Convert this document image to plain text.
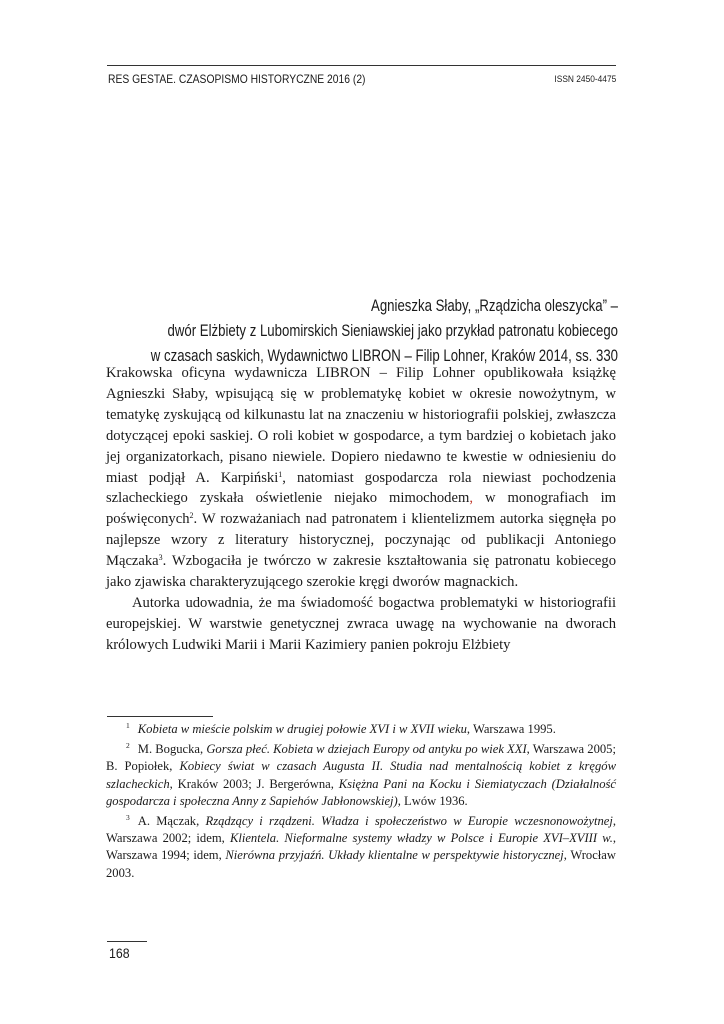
RES GESTAE. CZASOPISMO HISTORYCZNE 2016 (2)	ISSN 2450-4475
Agnieszka Słaby, „Rządzicha oleszycka” –
dwór Elżbiety z Lubomirskich Sieniawskiej jako przykład patronatu kobiecego
w czasach saskich, Wydawnictwo LIBRON – Filip Lohner, Kraków 2014, ss. 330

Krakowska oficyna wydawnicza LIBRON – Filip Lohner opublikowała książkę Agnieszki Słaby, wpisującą się w problematykę kobiet w okresie nowożytnym, w tematykę zyskującą od kilkunastu lat na znaczeniu w historiografii polskiej, zwłaszcza dotyczącej epoki saskiej. O roli kobiet w gospodarce, a tym bardziej o kobietach jako jej organizatorkach, pisano niewiele. Dopiero niedawno te kwestie w odniesieniu do miast podjął A. Karpiński$^1$, natomiast gospodarcza rola niewiast pochodzenia szlacheckiego zyskała oświetlenie niejako mimochodem, w monografiach im poświęconych$^2$. W rozważaniach nad patronatem i klientelizmem autorka sięgnęła po najlepsze wzory z literatury historycznej, poczynając od publikacji Antoniego Mączaka$^3$. Wzbogaciła je twórczo w zakresie kształtowania się patronatu kobiecego jako zjawiska charakteryzującego szerokie kręgi dworów magnackich.

Autorka udowadnia, że ma świadomość bogactwa problematyki w historiografii europejskiej. W warstwie genetycznej zwraca uwagę na wychowanie na dworach królowych Ludwiki Marii i Marii Kazimiery panien pokroju Elżbiety

$^1$ Kobieta w mieście polskim w drugiej połowie XVI i w XVII wieku, Warszawa 1995.

$^2$ M. Bogucka, Gorsza płeć. Kobieta w dziejach Europy od antyku po wiek XXI, Warszawa 2005; B. Popiołek, Kobiecy świat w czasach Augusta II. Studia nad mentalnością kobiet z kręgów szlacheckich, Kraków 2003; J. Bergerówna, Księżna Pani na Kocku i Siemiatyczach (Działalność gospodarcza i społeczna Anny z Sapiehów Jabłonowskiej), Lwów 1936.

$^3$ A. Mączak, Rządzący i rządzeni. Władza i społeczeństwo w Europie wczesnonowożytnej, Warszawa 2002; idem, Klientela. Nieformalne systemy władzy w Polsce i Europie XVI–XVIII w., Warszawa 1994; idem, Nierówna przyjaźń. Układy klientalne w perspektywie historycznej, Wrocław 2003.

168
